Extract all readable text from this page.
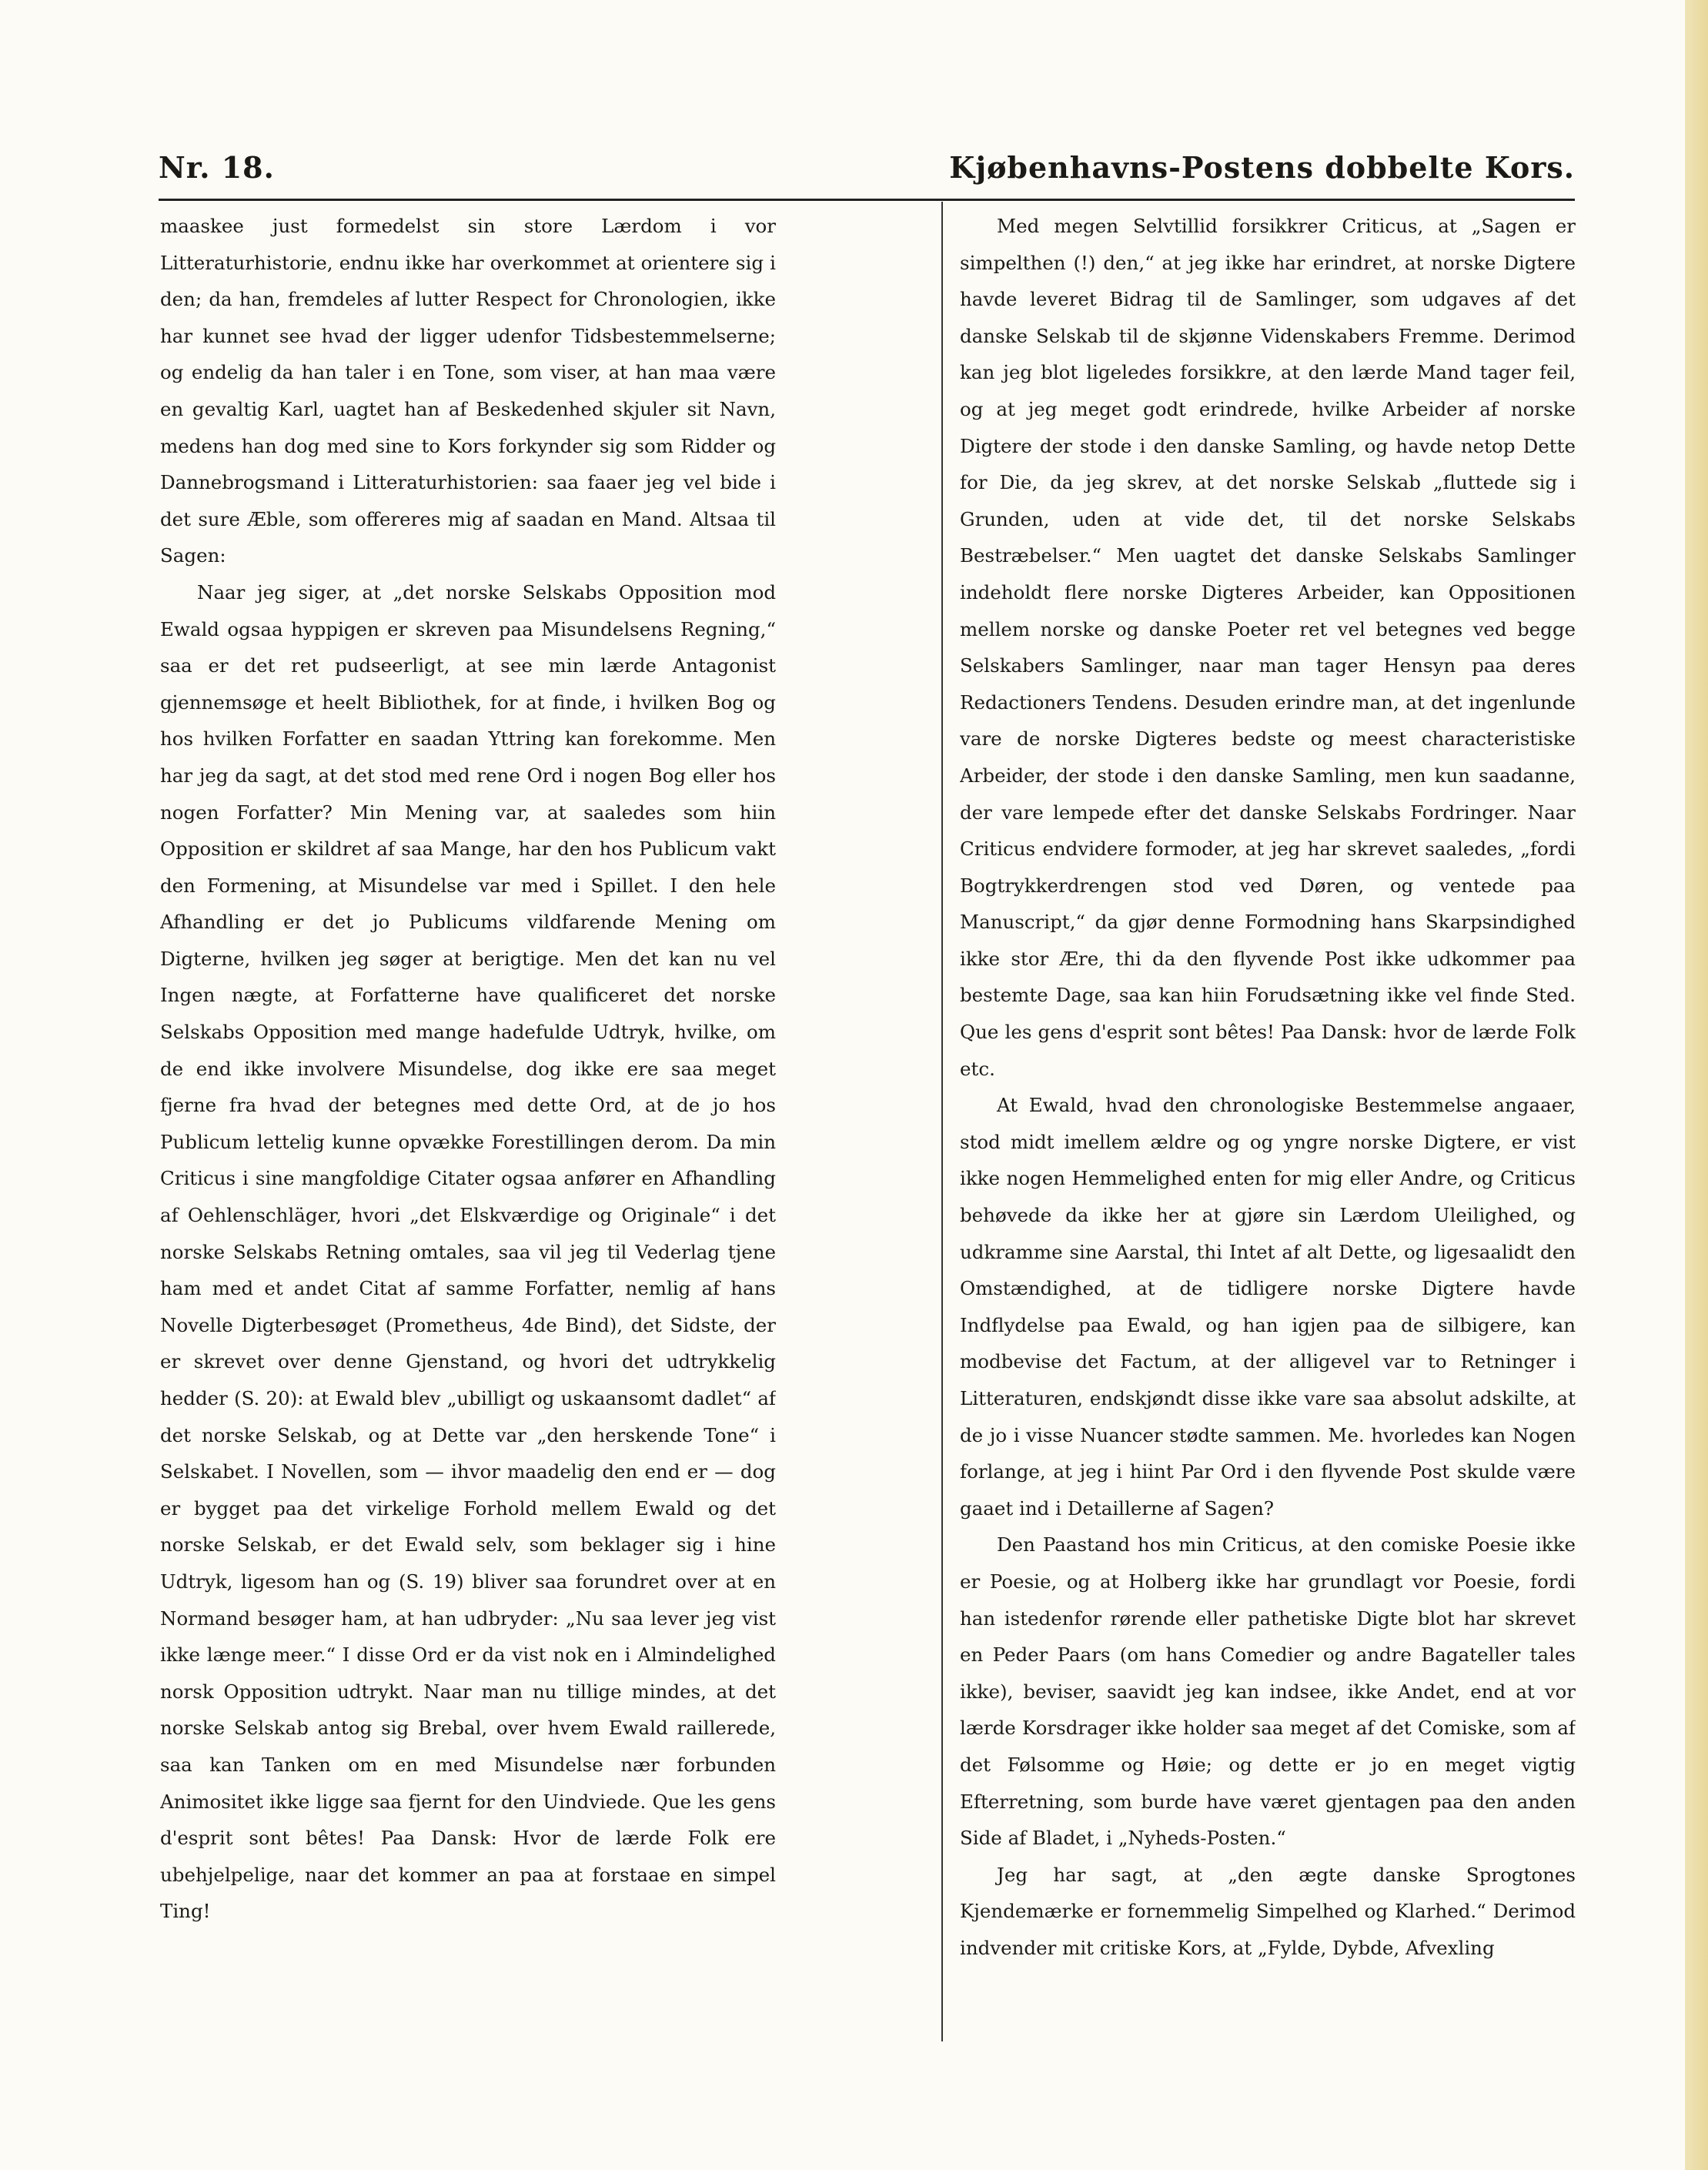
Nr. 18.	Kjøbenhavns-Postens dobbelte Kors.

maaskee just formedelst sin store Lærdom i vor Litteraturhistorie, endnu ikke har overkommet at orientere sig i den; da han, fremdeles af lutter Respect for Chronologien, ikke har kunnet see hvad der ligger udenfor Tidsbestemmelserne; og endelig da han taler i en Tone, som viser, at han maa være en gevaltig Karl, uagtet han af Beskedenhed skjuler sit Navn, medens han dog med sine to Kors forkynder sig som Ridder og Dannebrogsmand i Litteraturhistorien: saa faaer jeg vel bide i det sure Æble, som offereres mig af saadan en Mand. Altsaa til Sagen:

Naar jeg siger, at „det norske Selskabs Opposition mod Ewald ogsaa hyppigen er skreven paa Misundelsens Regning,“ saa er det ret pudseerligt, at see min lærde Antagonist gjennemsøge et heelt Bibliothek, for at finde, i hvilken Bog og hos hvilken Forfatter en saadan Yttring kan forekomme. Men har jeg da sagt, at det stod med rene Ord i nogen Bog eller hos nogen Forfatter? Min Mening var, at saaledes som hiin Opposition er skildret af saa Mange, har den hos Publicum vakt den Formening, at Misundelse var med i Spillet. I den hele Afhandling er det jo Publicums vildfarende Mening om Digterne, hvilken jeg søger at berigtige. Men det kan nu vel Ingen nægte, at Forfatterne have qualificeret det norske Selskabs Opposition med mange hadefulde Udtryk, hvilke, om de end ikke involvere Misundelse, dog ikke ere saa meget fjerne fra hvad der betegnes med dette Ord, at de jo hos Publicum lettelig kunne opvække Forestillingen derom. Da min Criticus i sine mangfoldige Citater ogsaa anfører en Afhandling af Oehlenschläger, hvori „det Elskværdige og Originale“ i det norske Selskabs Retning omtales, saa vil jeg til Vederlag tjene ham med et andet Citat af samme Forfatter, nemlig af hans Novelle Digterbesøget (Prometheus, 4de Bind), det Sidste, der er skrevet over denne Gjenstand, og hvori det udtrykkelig hedder (S. 20): at Ewald blev „ubilligt og uskaansomt dadlet“ af det norske Selskab, og at Dette var „den herskende Tone“ i Selskabet. I Novellen, som — ihvor maadelig den end er — dog er bygget paa det virkelige Forhold mellem Ewald og det norske Selskab, er det Ewald selv, som beklager sig i hine Udtryk, ligesom han og (S. 19) bliver saa forundret over at en Normand besøger ham, at han udbryder: „Nu saa lever jeg vist ikke længe meer.“ I disse Ord er da vist nok en i Almindelighed norsk Opposition udtrykt. Naar man nu tillige mindes, at det norske Selskab antog sig Brebal, over hvem Ewald raillerede, saa kan Tanken om en med Misundelse nær forbunden Animositet ikke ligge saa fjernt for den Uindviede. Que les gens d'esprit sont bêtes! Paa Dansk: Hvor de lærde Folk ere ubehjelpelige, naar det kommer an paa at forstaae en simpel Ting!

Med megen Selvtillid forsikkrer Criticus, at „Sagen er simpelthen (!) den,“ at jeg ikke har erindret, at norske Digtere havde leveret Bidrag til de Samlinger, som udgaves af det danske Selskab til de skjønne Videnskabers Fremme. Derimod kan jeg blot ligeledes forsikkre, at den lærde Mand tager feil, og at jeg meget godt erindrede, hvilke Arbeider af norske Digtere der stode i den danske Samling, og havde netop Dette for Die, da jeg skrev, at det norske Selskab „fluttede sig i Grunden, uden at vide det, til det norske Selskabs Bestræbelser.“ Men uagtet det danske Selskabs Samlinger indeholdt flere norske Digteres Arbeider, kan Oppositionen mellem norske og danske Poeter ret vel betegnes ved begge Selskabers Samlinger, naar man tager Hensyn paa deres Redactioners Tendens. Desuden erindre man, at det ingenlunde vare de norske Digteres bedste og meest characteristiske Arbeider, der stode i den danske Samling, men kun saadanne, der vare lempede efter det danske Selskabs Fordringer. Naar Criticus endvidere formoder, at jeg har skrevet saaledes, „fordi Bogtrykkerdrengen stod ved Døren, og ventede paa Manuscript,“ da gjør denne Formodning hans Skarpsindighed ikke stor Ære, thi da den flyvende Post ikke udkommer paa bestemte Dage, saa kan hiin Forudsætning ikke vel finde Sted. Que les gens d'esprit sont bêtes! Paa Dansk: hvor de lærde Folk etc.

At Ewald, hvad den chronologiske Bestemmelse angaaer, stod midt imellem ældre og og yngre norske Digtere, er vist ikke nogen Hemmelighed enten for mig eller Andre, og Criticus behøvede da ikke her at gjøre sin Lærdom Uleilighed, og udkramme sine Aarstal, thi Intet af alt Dette, og ligesaalidt den Omstændighed, at de tidligere norske Digtere havde Indflydelse paa Ewald, og han igjen paa de silbigere, kan modbevise det Factum, at der alligevel var to Retninger i Litteraturen, endskjøndt disse ikke vare saa absolut adskilte, at de jo i visse Nuancer stødte sammen. Me. hvorledes kan Nogen forlange, at jeg i hiint Par Ord i den flyvende Post skulde være gaaet ind i Detaillerne af Sagen?

Den Paastand hos min Criticus, at den comiske Poesie ikke er Poesie, og at Holberg ikke har grundlagt vor Poesie, fordi han istedenfor rørende eller pathetiske Digte blot har skrevet en Peder Paars (om hans Comedier og andre Bagateller tales ikke), beviser, saavidt jeg kan indsee, ikke Andet, end at vor lærde Korsdrager ikke holder saa meget af det Comiske, som af det Følsomme og Høie; og dette er jo en meget vigtig Efterretning, som burde have været gjentagen paa den anden Side af Bladet, i „Nyheds-Posten.“

Jeg har sagt, at „den ægte danske Sprogtones Kjendemærke er fornemmelig Simpelhed og Klarhed.“ Derimod indvender mit critiske Kors, at „Fylde, Dybde, Afvexling
